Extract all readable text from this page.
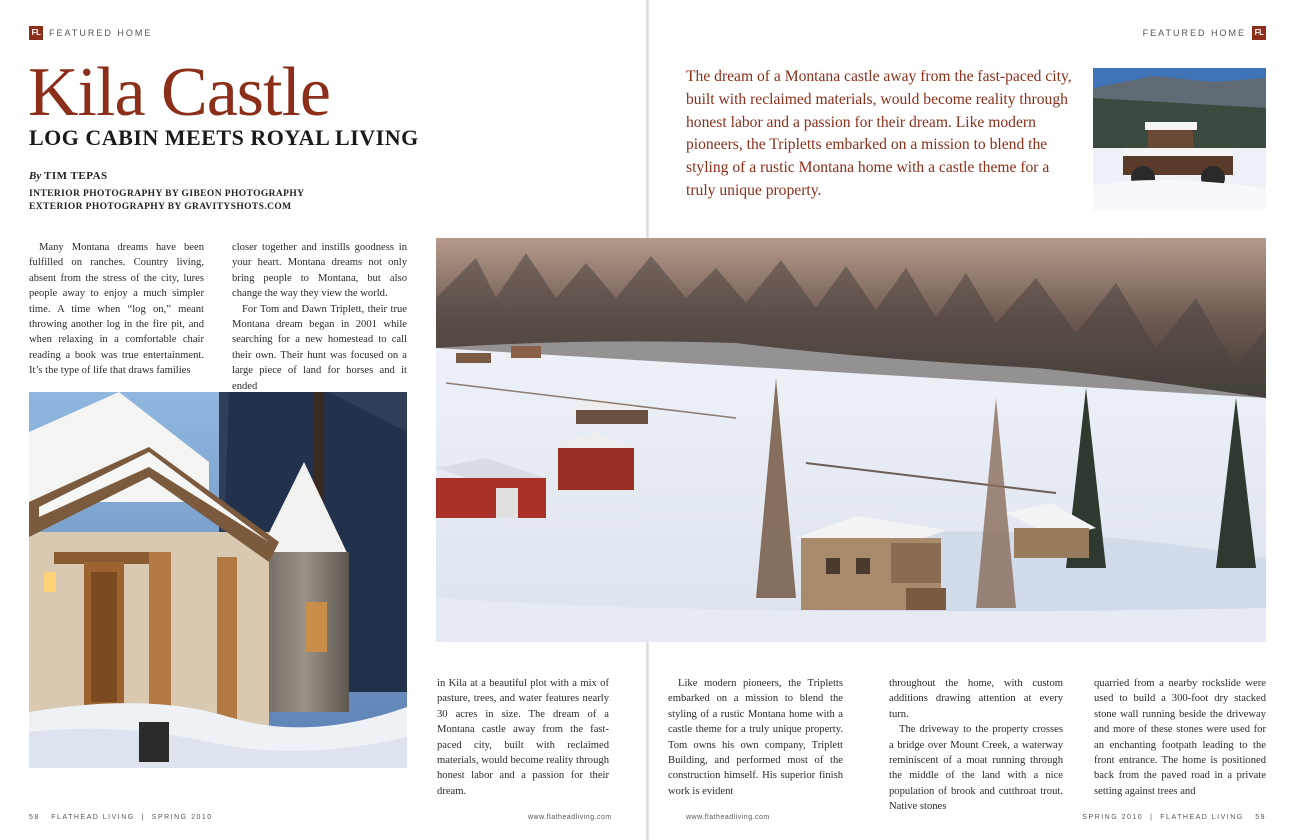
FL FEATURED HOME	FEATURED HOME	FL
Kila Castle
LOG CABIN MEETS ROYAL LIVING
By TIM TEPAS
INTERIOR PHOTOGRAPHY BY GIBEON PHOTOGRAPHY
EXTERIOR PHOTOGRAPHY BY GRAVITYSHOTS.COM

Many Montana dreams have been fulfilled on ranches. Country living, absent from the stress of the city, lures people away to enjoy a much simpler time. A time when “log on,” meant throwing another log in the fire pit, and when relaxing in a comfortable chair reading a book was true entertainment. It’s the type of life that draws families

closer together and instills goodness in your heart. Montana dreams not only bring people to Montana, but also change the way they view the world.

For Tom and Dawn Triplett, their true Montana dream began in 2001 while searching for a new homestead to call their own. Their hunt was focused on a large piece of land for horses and it ended

The dream of a Montana castle away from the fast-paced city, built with reclaimed materials, would become reality through honest labor and a passion for their dream. Like modern pioneers, the Tripletts embarked on a mission to blend the styling of a rustic Montana home with a castle theme for a truly unique property.

in Kila at a beautiful plot with a mix of pasture, trees, and water features nearly 30 acres in size. The dream of a Montana castle away from the fast-paced city, built with reclaimed materials, would become reality through honest labor and a passion for their dream.

Like modern pioneers, the Tripletts embarked on a mission to blend the styling of a rustic Montana home with a castle theme for a truly unique property. Tom owns his own company, Triplett Building, and performed most of the construction himself. His superior finish work is evident

throughout the home, with custom additions drawing attention at every turn.

The driveway to the property crosses a bridge over Mount Creek, a waterway reminiscent of a moat running through the middle of the land with a nice population of brook and cutthroat trout. Native stones

quarried from a nearby rockslide were used to build a 300-foot dry stacked stone wall running beside the driveway and more of these stones were used for an enchanting footpath leading to the front entrance. The home is positioned back from the paved road in a private setting against trees and

58 FLATHEAD LIVING  |  SPRING 2010	www.flatheadliving.com	www.flatheadliving.com	SPRING 2010  |  FLATHEAD LIVING 59
